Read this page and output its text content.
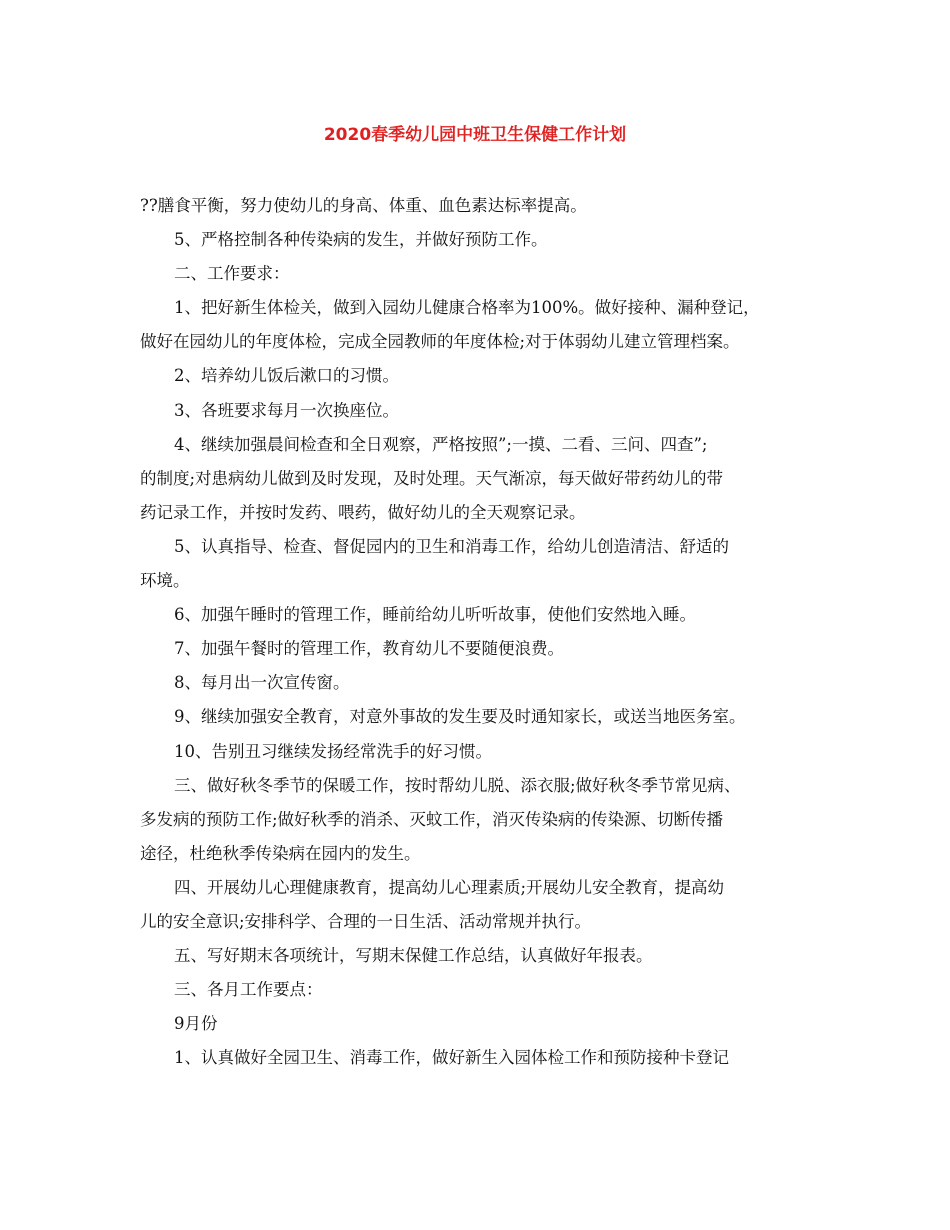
2020春季幼儿园中班卫生保健工作计划
??膳食平衡，努力使幼儿的身高、体重、血色素达标率提高。
5、严格控制各种传染病的发生，并做好预防工作。
二、工作要求：
1、把好新生体检关，做到入园幼儿健康合格率为100%。做好接种、漏种登记，
做好在园幼儿的年度体检，完成全园教师的年度体检;对于体弱幼儿建立管理档案。
2、培养幼儿饭后漱口的习惯。
3、各班要求每月一次换座位。
4、继续加强晨间检查和全日观察，严格按照”;一摸、二看、三问、四查”;
的制度;对患病幼儿做到及时发现，及时处理。天气渐凉，每天做好带药幼儿的带
药记录工作，并按时发药、喂药，做好幼儿的全天观察记录。
5、认真指导、检查、督促园内的卫生和消毒工作，给幼儿创造清洁、舒适的
环境。
6、加强午睡时的管理工作，睡前给幼儿听听故事，使他们安然地入睡。
7、加强午餐时的管理工作，教育幼儿不要随便浪费。
8、每月出一次宣传窗。
9、继续加强安全教育，对意外事故的发生要及时通知家长，或送当地医务室。
10、告别丑习继续发扬经常洗手的好习惯。
三、做好秋冬季节的保暖工作，按时帮幼儿脱、添衣服;做好秋冬季节常见病、
多发病的预防工作;做好秋季的消杀、灭蚊工作，消灭传染病的传染源、切断传播
途径，杜绝秋季传染病在园内的发生。
四、开展幼儿心理健康教育，提高幼儿心理素质;开展幼儿安全教育，提高幼
儿的安全意识;安排科学、合理的一日生活、活动常规并执行。
五、写好期末各项统计，写期末保健工作总结，认真做好年报表。
三、各月工作要点：
9月份
1、认真做好全园卫生、消毒工作，做好新生入园体检工作和预防接种卡登记
